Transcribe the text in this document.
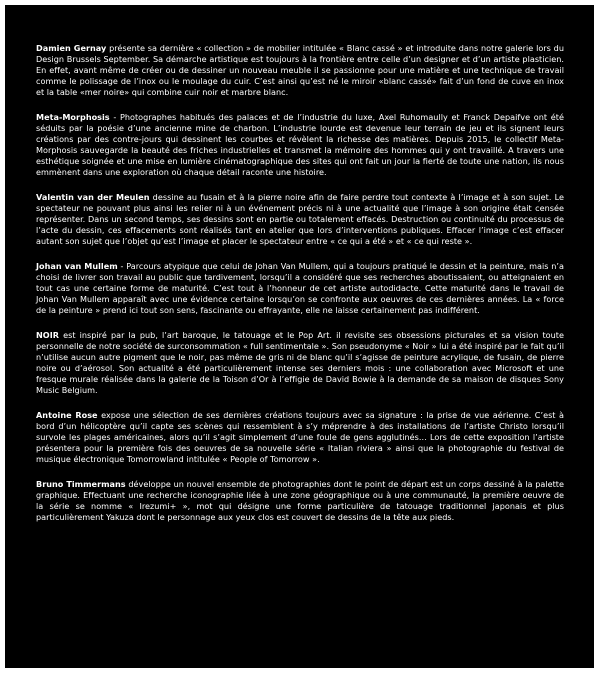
Damien Gernay présente sa dernière « collection » de mobilier intitulée « Blanc cassé » et introduite dans notre galerie lors du Design Brussels September. Sa démarche artistique est toujours à la frontière entre celle d’un designer et d’un artiste plasticien. En effet, avant même de créer ou de dessiner un nouveau meuble il se passionne pour une matière et une technique de travail comme le polissage de l’inox ou le moulage du cuir. C’est ainsi qu’est né le miroir «blanc cassé» fait d’un fond de cuve en inox et la table «mer noire» qui combine cuir noir et marbre blanc.

Meta-Morphosis - Photographes habitués des palaces et de l’industrie du luxe, Axel Ruhomaully et Franck Depaifve ont été séduits par la poésie d’une ancienne mine de charbon. L’industrie lourde est devenue leur terrain de jeu et ils signent leurs créations par des contre-jours qui dessinent les courbes et révèlent la richesse des matières. Depuis 2015, le collectif Meta-Morphosis sauvegarde la beauté des friches industrielles et transmet la mémoire des hommes qui y ont travaillé. A travers une esthétique soignée et une mise en lumière cinématographique des sites qui ont fait un jour la fierté de toute une nation, ils nous emmènent dans une exploration où chaque détail raconte une histoire.

Valentin van der Meulen dessine au fusain et à la pierre noire afin de faire perdre tout contexte à l’image et à son sujet. Le spectateur ne pouvant plus ainsi les relier ni à un événement précis ni à une actualité que l’image à son origine était censée représenter. Dans un second temps, ses dessins sont en partie ou totalement effacés. Destruction ou continuité du processus de l’acte du dessin, ces effacements sont réalisés tant en atelier que lors d’interventions publiques. Effacer l’image c’est effacer autant son sujet que l’objet qu’est l’image et placer le spectateur entre « ce qui a été » et « ce qui reste ».

Johan van Mullem - Parcours atypique que celui de Johan Van Mullem, qui a toujours pratiqué le dessin et la peinture, mais n’a choisi de livrer son travail au public que tardivement, lorsqu’il a considéré que ses recherches aboutissaient, ou atteignaient en tout cas une certaine forme de maturité. C’est tout à l’honneur de cet artiste autodidacte. Cette maturité dans le travail de Johan Van Mullem apparaît avec une évidence certaine lorsqu’on se confronte aux oeuvres de ces dernières années. La « force de la peinture » prend ici tout son sens, fascinante ou effrayante, elle ne laisse certainement pas indifférent.

NOIR est inspiré par la pub, l’art baroque, le tatouage et le Pop Art. il revisite ses obsessions picturales et sa vision toute personnelle de notre société de surconsommation « full sentimentale ». Son pseudonyme « Noir » lui a été inspiré par le fait qu’il n’utilise aucun autre pigment que le noir, pas même de gris ni de blanc qu’il s’agisse de peinture acrylique, de fusain, de pierre noire ou d’aérosol. Son actualité a été particulièrement intense ses derniers mois : une collaboration avec Microsoft et une fresque murale réalisée dans la galerie de la Toison d’Or à l’effigie de David Bowie à la demande de sa maison de disques Sony Music Belgium.

Antoine Rose expose une sélection de ses dernières créations toujours avec sa signature : la prise de vue aérienne. C’est à bord d’un hélicoptère qu’il capte ses scènes qui ressemblent à s’y méprendre à des installations de l’artiste Christo lorsqu’il survole les plages américaines, alors qu’il s’agit simplement d’une foule de gens agglutinés... Lors de cette exposition l’artiste présentera pour la première fois des oeuvres de sa nouvelle série « Italian riviera » ainsi que la photographie du festival de musique électronique Tomorrowland intitulée « People of Tomorrow ».

Bruno Timmermans développe un nouvel ensemble de photographies dont le point de départ est un corps dessiné à la palette graphique. Effectuant une recherche iconographie liée à une zone géographique ou à une communauté, la première oeuvre de la série se nomme « Irezumi+ », mot qui désigne une forme particulière de tatouage traditionnel japonais et plus particulièrement Yakuza dont le personnage aux yeux clos est couvert de dessins de la tête aux pieds.
